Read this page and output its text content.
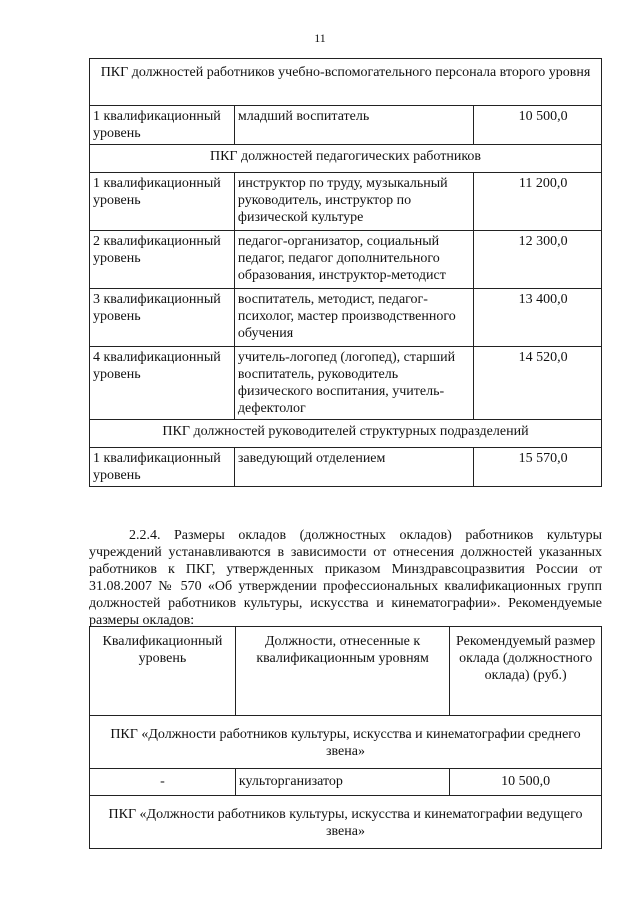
11
ПКГ должностей работников учебно-вспомогательного персонала второго уровня		
1 квалификационный уровень	младший воспитатель	10 500,0
ПКГ должностей педагогических работников		
1 квалификационный уровень	инструктор по труду, музыкальный руководитель, инструктор по физической культуре	11 200,0
2 квалификационный уровень	педагог-организатор, социальный педагог, педагог дополнительного образования, инструктор-методист	12 300,0
3 квалификационный уровень	воспитатель, методист, педагог-психолог, мастер производственного обучения	13 400,0
4 квалификационный уровень	учитель-логопед (логопед), старший воспитатель, руководитель физического воспитания, учитель-дефектолог	14 520,0
ПКГ должностей руководителей структурных подразделений		
1 квалификационный уровень	заведующий отделением	15 570,0

2.2.4. Размеры окладов (должностных окладов) работников культуры учреждений устанавливаются в зависимости от отнесения должностей указанных работников к ПКГ, утвержденных приказом Минздравсоцразвития России от 31.08.2007 № 570 «Об утверждении профессиональных квалификационных групп должностей работников культуры, искусства и кинематографии». Рекомендуемые размеры окладов:

Квалификационный уровень	Должности, отнесенные к квалификационным уровням	Рекомендуемый размер оклада (должностного оклада) (руб.)
ПКГ «Должности работников культуры, искусства и кинематографии среднего звена»		
-	культорганизатор	10 500,0
ПКГ «Должности работников культуры, искусства и кинематографии ведущего звена»		
